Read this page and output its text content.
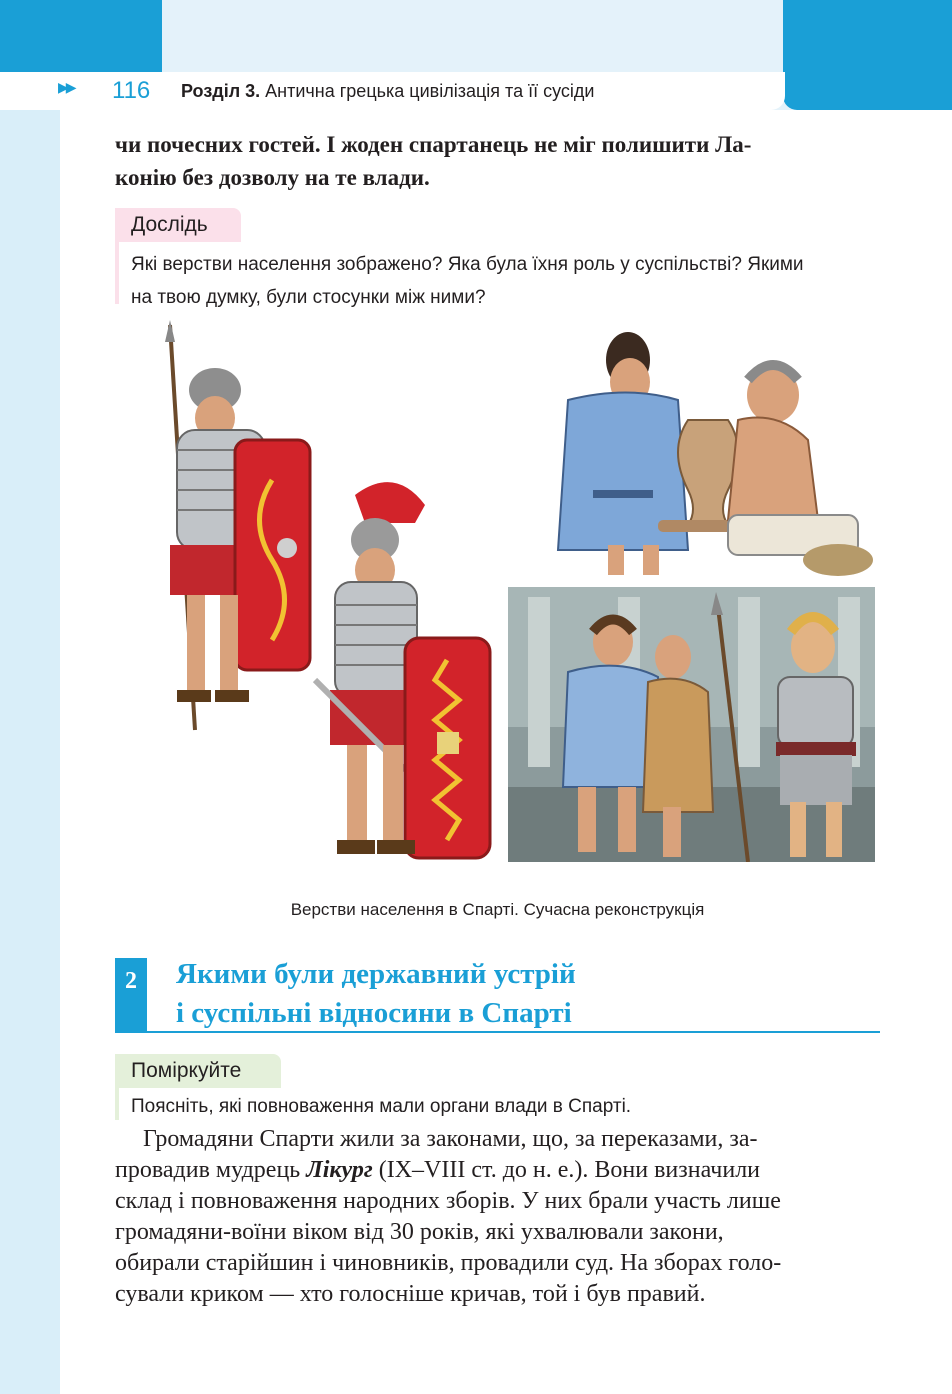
▶▶ 116 Розділ 3. Антична грецька цивілізація та її сусіди
чи почесних гостей. І жоден спартанець не міг полишити Ла-
конію без дозволу на те влади.
Дослідь
Які верстви населення зображено? Яка була їхня роль у суспільстві? Якими
на твою думку, були стосунки між ними?
Верстви населення в Спарті. Сучасна реконструкція
2	Якими були державний устрій
і суспільні відносини в Спарті
Поміркуйте
Поясніть, які повноваження мали органи влади в Спарті.
Громадяни Спарти жили за законами, що, за переказами, за-
провадив мудрець Лікург (IX–VIII ст. до н. е.). Вони визначили
склад і повноваження народних зборів. У них брали участь лише
громадяни-воїни віком від 30 років, які ухвалювали закони,
обирали старійшин і чиновників, провадили суд. На зборах голо-
сували криком — хто голосніше кричав, той і був правий.
